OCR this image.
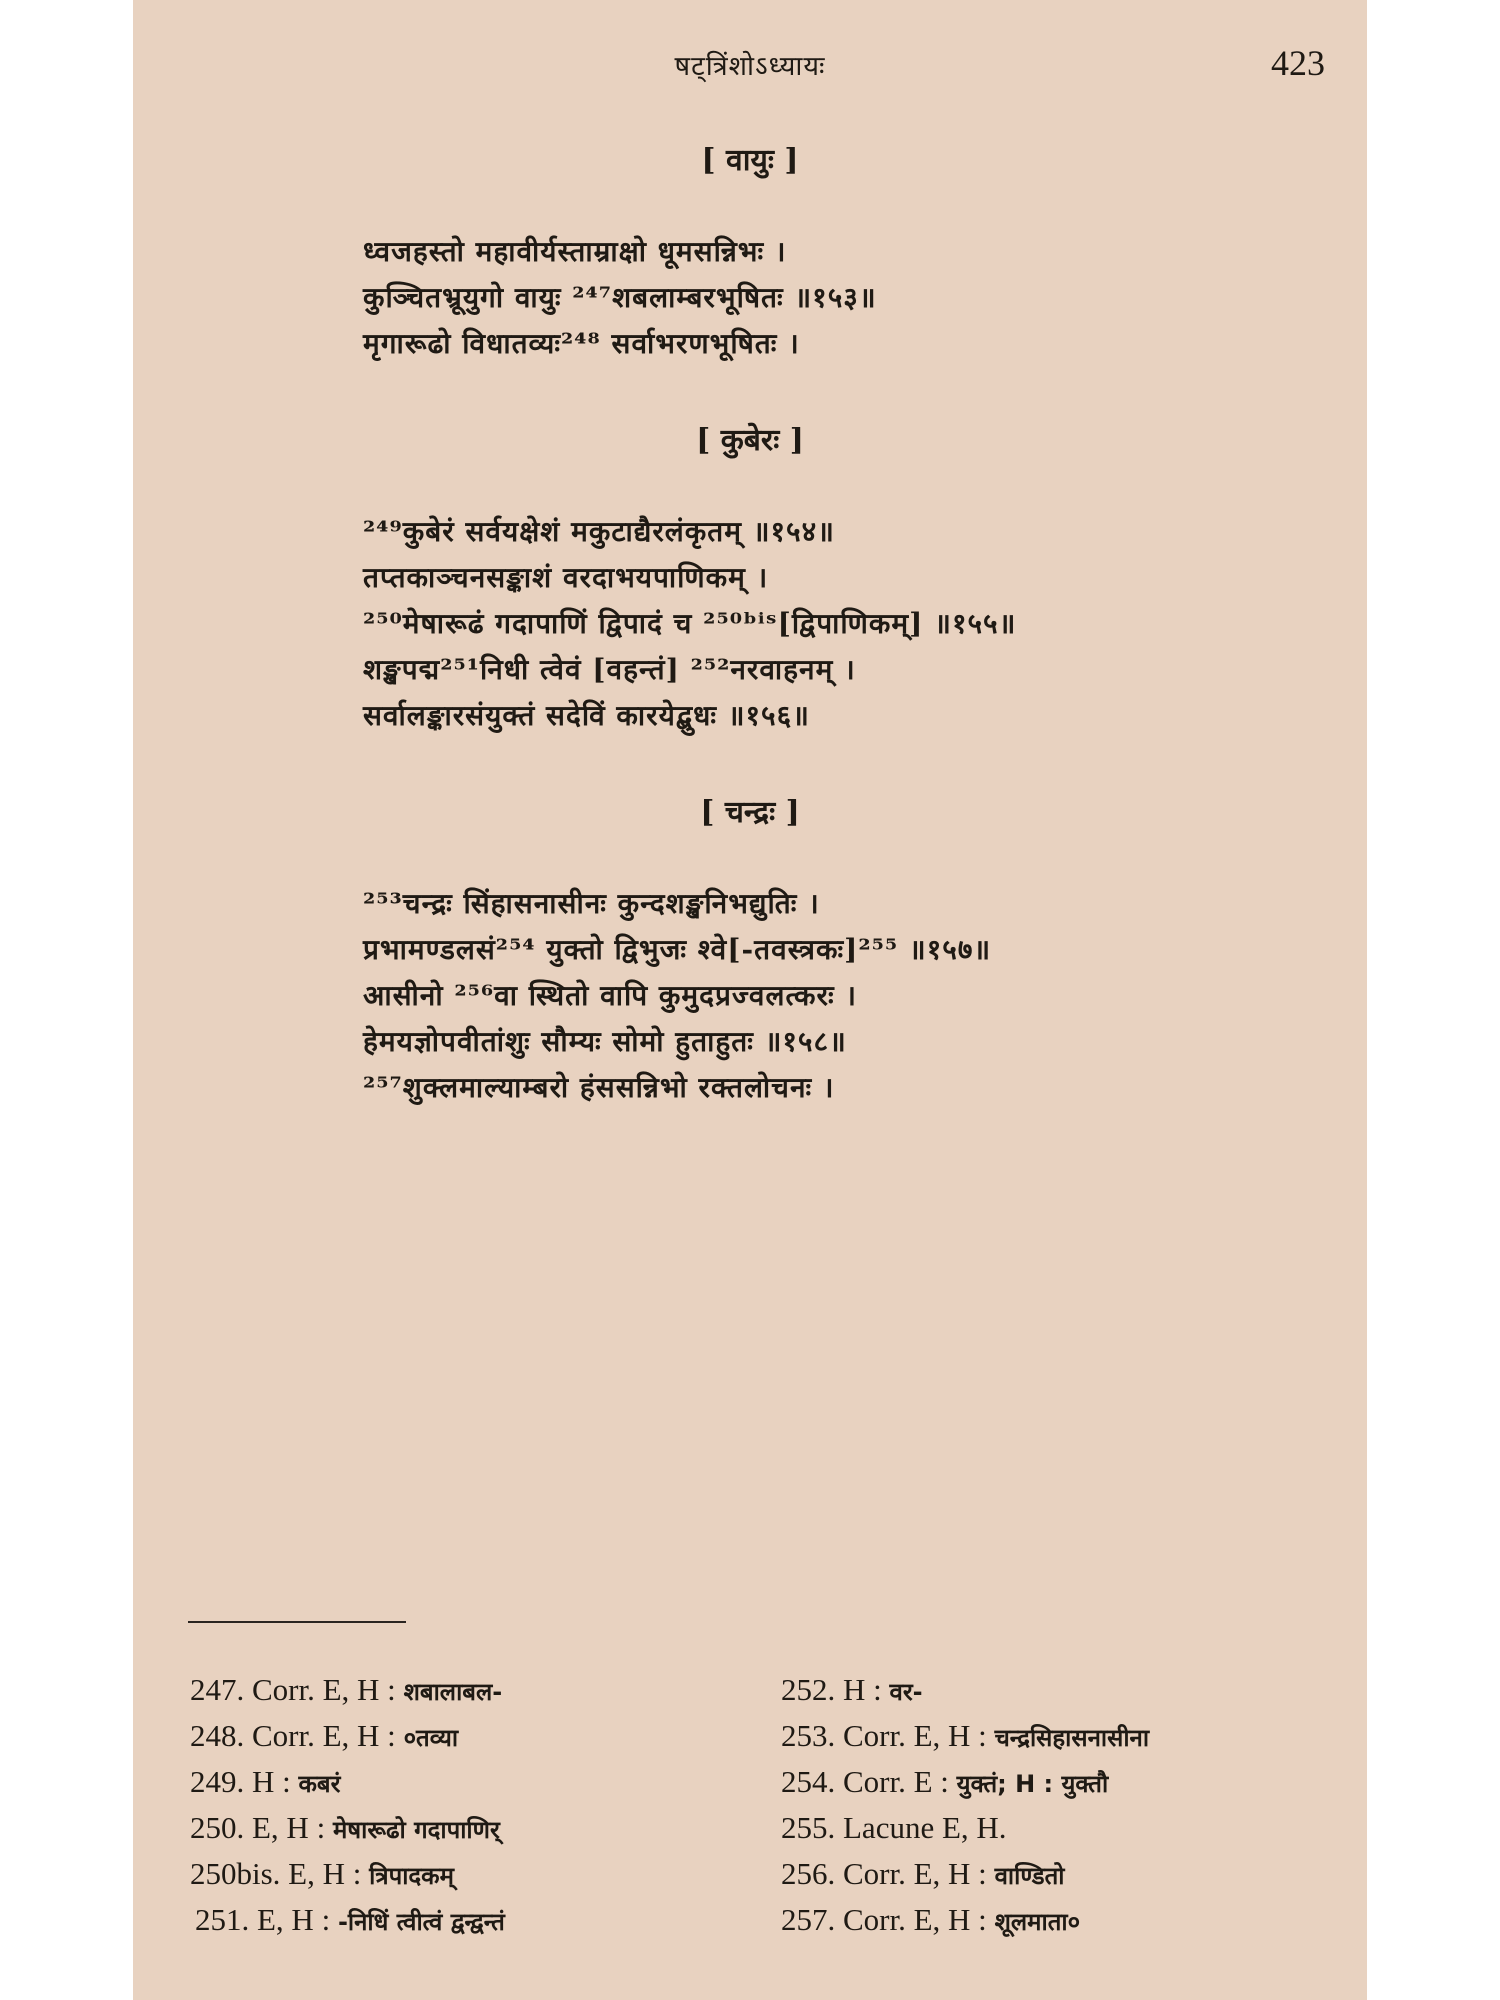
षट्त्रिंशोऽध्यायः	423
[ वायुः ]
ध्वजहस्तो महावीर्यस्ताम्राक्षो धूमसन्निभः ।
कुञ्चितभ्रूयुगो वायुः ²⁴⁷शबलाम्बरभूषितः ॥१५३॥
मृगारूढो विधातव्यः²⁴⁸ सर्वाभरणभूषितः ।
[ कुबेरः ]
²⁴⁹कुबेरं सर्वयक्षेशं मकुटाद्यैरलंकृतम् ॥१५४॥
तप्तकाञ्चनसङ्काशं वरदाभयपाणिकम् ।
²⁵⁰मेषारूढं गदापाणिं द्विपादं च ²⁵⁰ᵇⁱˢ[द्विपाणिकम्] ॥१५५॥
शङ्खपद्म²⁵¹निधी त्वेवं [वहन्तं] ²⁵²नरवाहनम् ।
सर्वालङ्कारसंयुक्तं सदेविं कारयेद्बुधः ॥१५६॥
[ चन्द्रः ]
²⁵³चन्द्रः सिंहासनासीनः कुन्दशङ्खनिभद्युतिः ।
प्रभामण्डलसं²⁵⁴ युक्तो द्विभुजः श्वे[-तवस्त्रकः]²⁵⁵ ॥१५७॥
आसीनो ²⁵⁶वा स्थितो वापि कुमुदप्रज्वलत्करः ।
हेमयज्ञोपवीतांशुः सौम्यः सोमो हुताहुतः ॥१५८॥
²⁵⁷शुक्लमाल्याम्बरो हंससन्निभो रक्तलोचनः ।
247. Corr. E, H : शबालाबल-
248. Corr. E, H : ०तव्या
249. H : कबरं
250. E, H : मेषारूढो गदापाणिर्
250bis. E, H : त्रिपादकम्
251. E, H : -निधिं त्वीत्वं द्वन्द्वन्तं
252. H : वर-
253. Corr. E, H : चन्द्रसिहासनासीना
254. Corr. E : युक्तं; H : युक्तौ
255. Lacune E, H.
256. Corr. E, H : वाण्डितो
257. Corr. E, H : शूलमाता०
